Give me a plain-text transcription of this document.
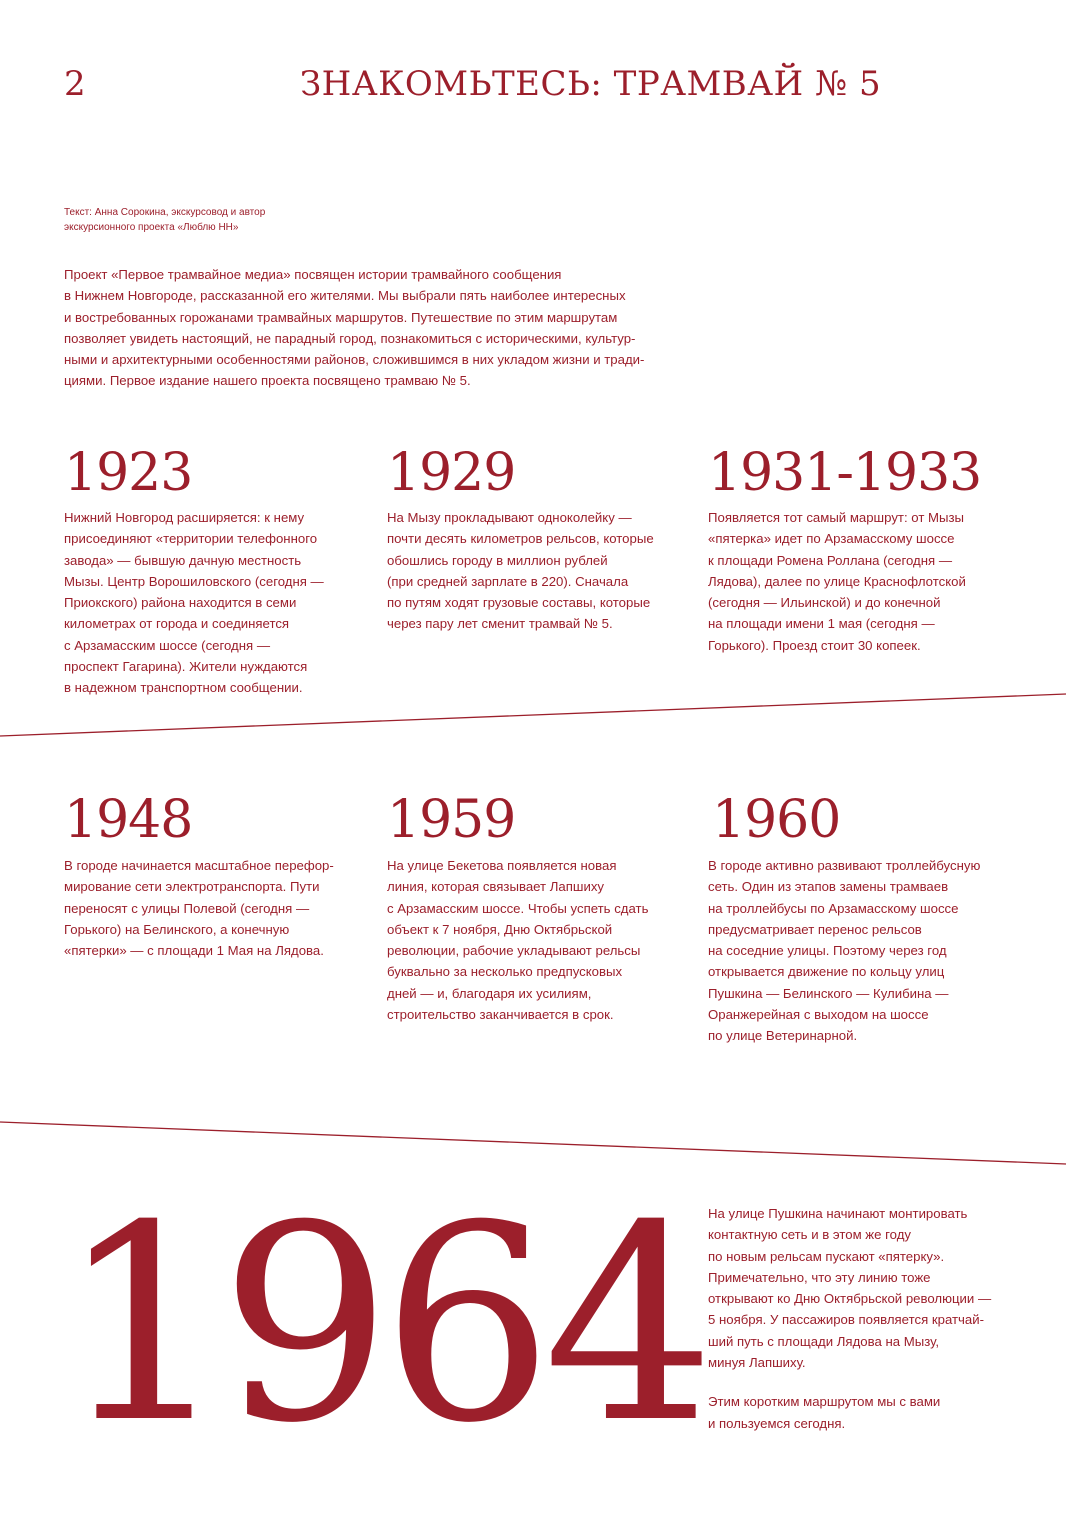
2	ЗНАКОМЬТЕСЬ: ТРАМВАЙ № 5
Текст: Анна Сорокина, экскурсовод и автор
экскурсионного проекта «Люблю НН»
Проект «Первое трамвайное медиа» посвящен истории трамвайного сообщения
в Нижнем Новгороде, рассказанной его жителями. Мы выбрали пять наиболее интересных
и востребованных горожанами трамвайных маршрутов. Путешествие по этим маршрутам
позволяет увидеть настоящий, не парадный город, познакомиться с историческими, культур-
ными и архитектурными особенностями районов, сложившимся в них укладом жизни и тради-
циями. Первое издание нашего проекта посвящено трамваю № 5.
1923
Нижний Новгород расширяется: к нему
присоединяют «территории телефонного
завода» — бывшую дачную местность
Мызы. Центр Ворошиловского (сегодня —
Приокского) района находится в семи
километрах от города и соединяется
с Арзамасским шоссе (сегодня —
проспект Гагарина). Жители нуждаются
в надежном транспортном сообщении.
1929
На Мызу прокладывают одноколейку —
почти десять километров рельсов, которые
обошлись городу в миллион рублей
(при средней зарплате в 220). Сначала
по путям ходят грузовые составы, которые
через пару лет сменит трамвай № 5.
1931-1933
Появляется тот самый маршрут: от Мызы
«пятерка» идет по Арзамасскому шоссе
к площади Ромена Роллана (сегодня —
Лядова), далее по улице Краснофлотской
(сегодня — Ильинской) и до конечной
на площади имени 1 мая (сегодня —
Горького). Проезд стоит 30 копеек.
1948
В городе начинается масштабное перефор-
мирование сети электротранспорта. Пути
переносят с улицы Полевой (сегодня —
Горького) на Белинского, а конечную
«пятерки» — с площади 1 Мая на Лядова.
1959
На улице Бекетова появляется новая
линия, которая связывает Лапшиху
с Арзамасским шоссе. Чтобы успеть сдать
объект к 7 ноября, Дню Октябрьской
революции, рабочие укладывают рельсы
буквально за несколько предпусковых
дней — и, благодаря их усилиям,
строительство заканчивается в срок.
1960
В городе активно развивают троллейбусную
сеть. Один из этапов замены трамваев
на троллейбусы по Арзамасскому шоссе
предусматривает перенос рельсов
на соседние улицы. Поэтому через год
открывается движение по кольцу улиц
Пушкина — Белинского — Кулибина —
Оранжерейная с выходом на шоссе
по улице Ветеринарной.
1964 На улице Пушкина начинают монтировать
контактную сеть и в этом же году
по новым рельсам пускают «пятерку».
Примечательно, что эту линию тоже
открывают ко Дню Октябрьской революции —
5 ноября. У пассажиров появляется кратчай-
ший путь с площади Лядова на Мызу,
минуя Лапшиху.
Этим коротким маршрутом мы с вами
и пользуемся сегодня.
